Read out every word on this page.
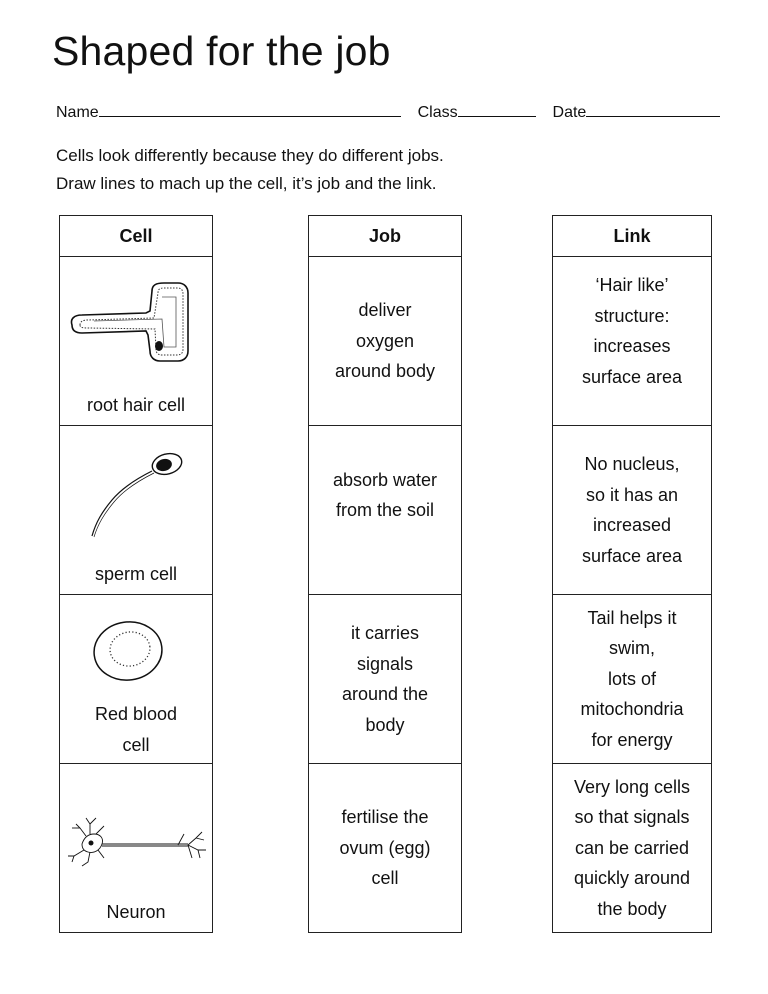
Shaped for the job
Name	Class	Date
Cells look differently because they do different jobs.
Draw lines to mach up the cell, it’s job and the link.
Cell
root hair cell
sperm cell
Red blood
cell
Neuron
Job
deliver
oxygen
around body
absorb water
from the soil
it carries
signals
around the
body
fertilise the
ovum (egg)
cell
Link
‘Hair like’
structure:
increases
surface area
No nucleus,
so it has an
increased
surface area
Tail helps it
swim,
lots of
mitochondria
for energy
Very long cells
so that signals
can be carried
quickly around
the body
